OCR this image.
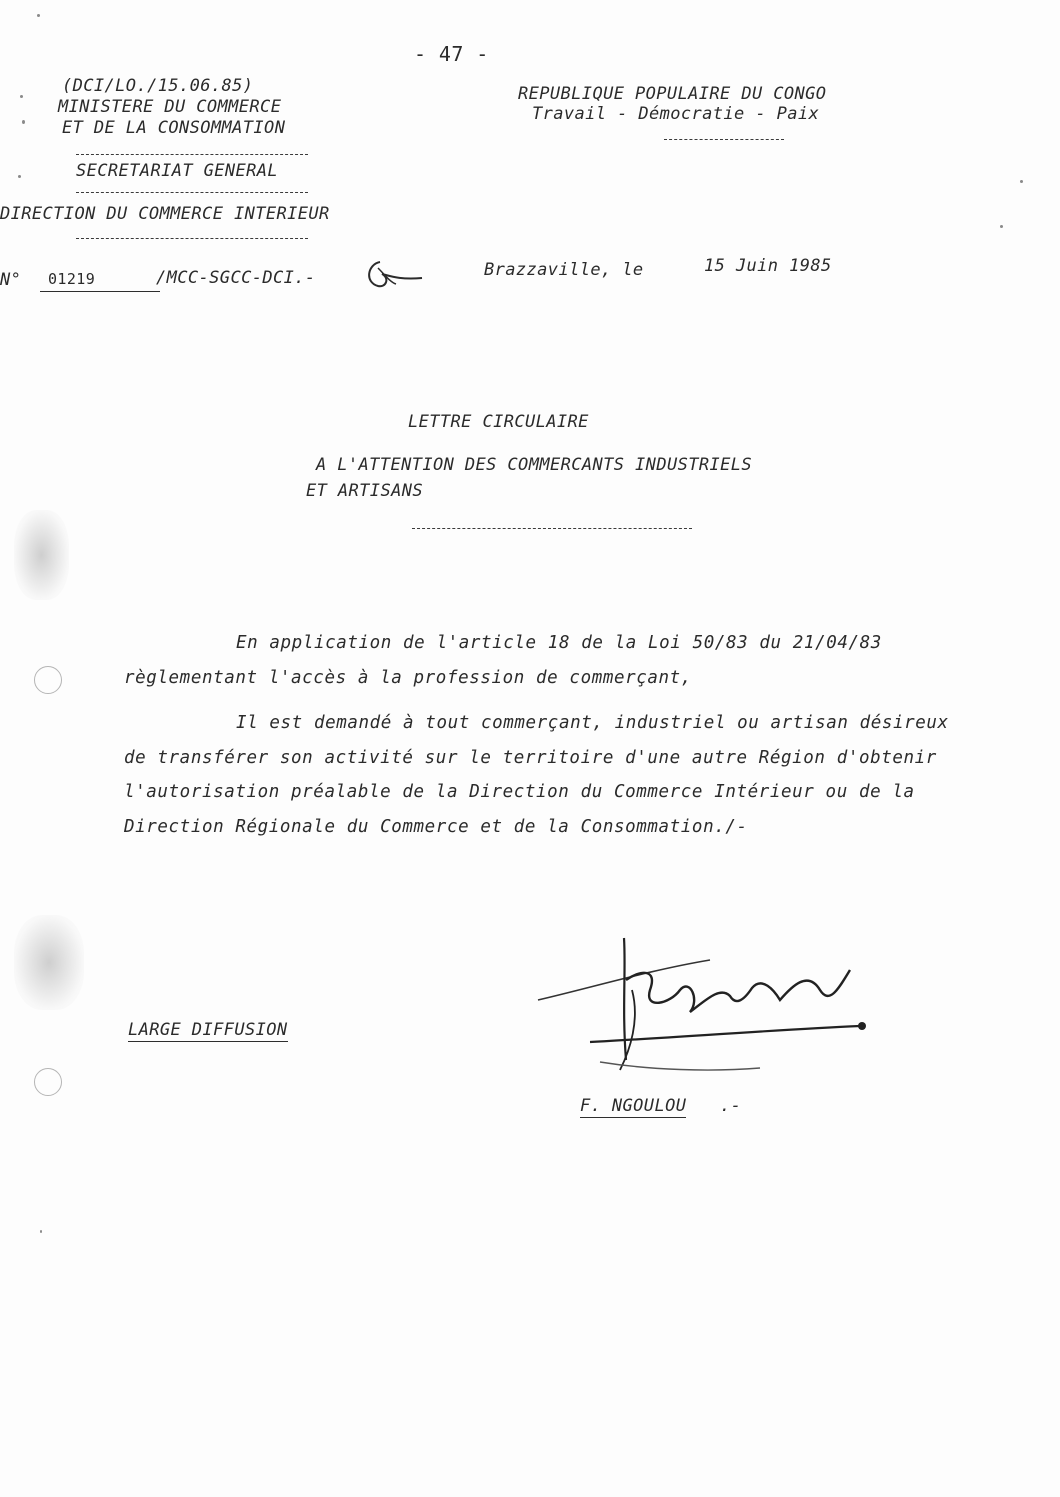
- 47 -
(DCI/LO./15.06.85)
MINISTERE DU COMMERCE
ET DE LA CONSOMMATION
SECRETARIAT GENERAL
DIRECTION DU COMMERCE INTERIEUR
REPUBLIQUE POPULAIRE DU CONGO
Travail - Démocratie - Paix
N° 01219	/MCC-SGCC-DCI.-	Brazzaville, le	15 Juin 1985
LETTRE CIRCULAIRE
A L'ATTENTION DES COMMERCANTS INDUSTRIELS
ET ARTISANS
En application de l'article 18 de la Loi 50/83 du 21/04/83 règlementant l'accès à la profession de commerçant,
Il est demandé à tout commerçant, industriel ou artisan désireux de transférer son activité sur le territoire d'une autre Région d'obtenir l'autorisation préalable de la Direction du Commerce Intérieur ou de la Direction Régionale du Commerce et de la Consommation./-
LARGE DIFFUSION
F. NGOULOU .-
